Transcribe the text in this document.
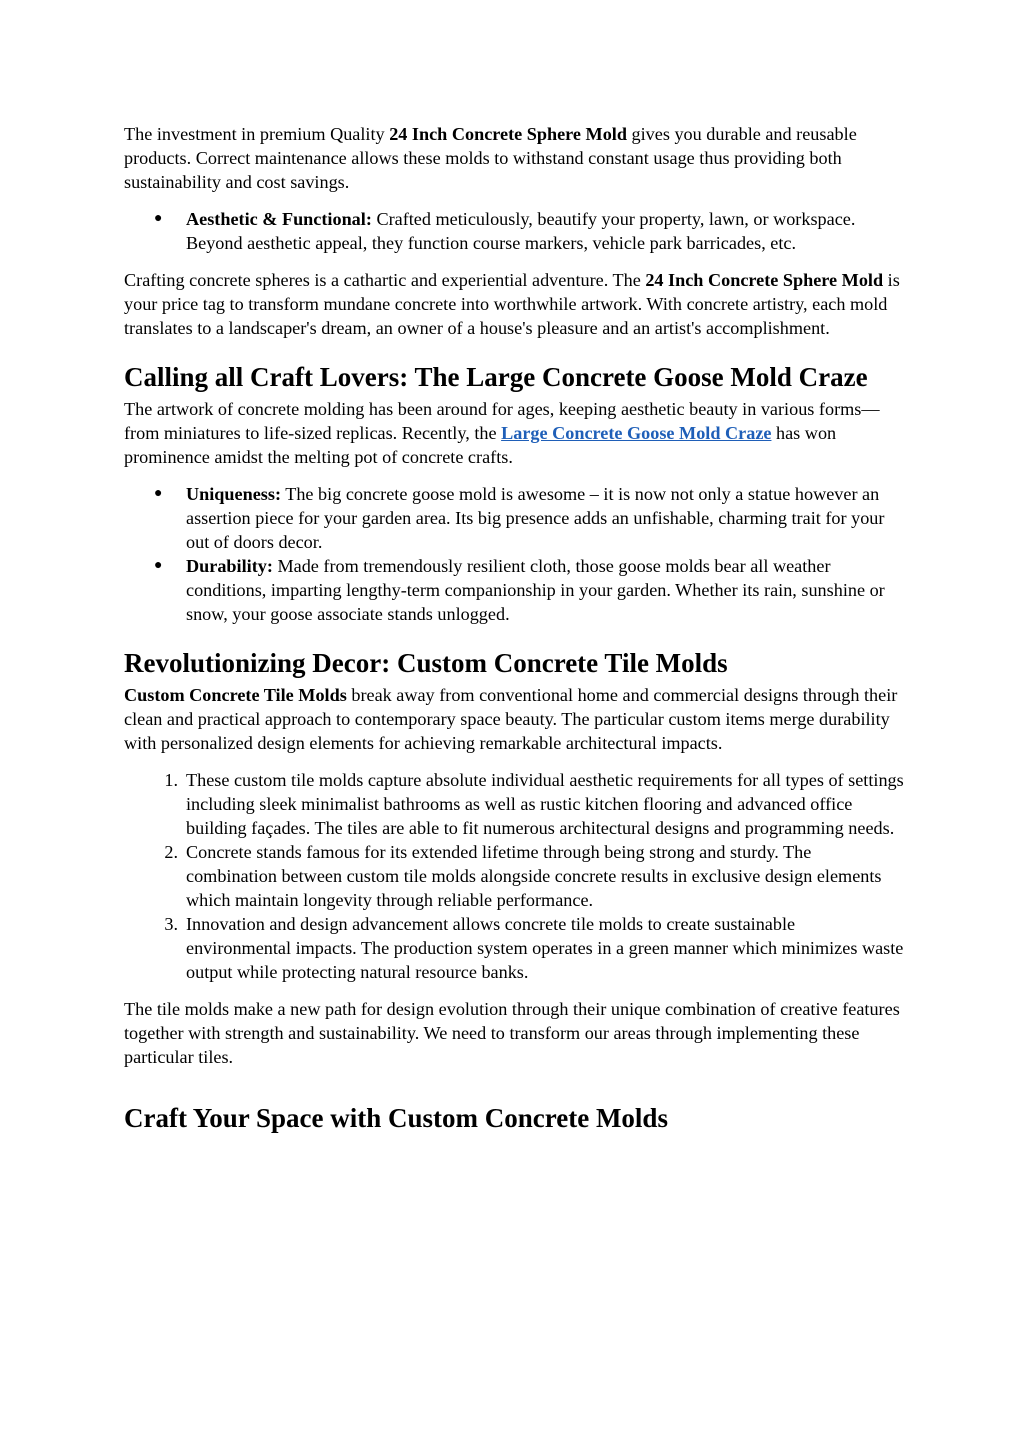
The investment in premium Quality 24 Inch Concrete Sphere Mold gives you durable and reusable products. Correct maintenance allows these molds to withstand constant usage thus providing both sustainability and cost savings.

● Aesthetic & Functional: Crafted meticulously, beautify your property, lawn, or workspace. Beyond aesthetic appeal, they function course markers, vehicle park barricades, etc.

Crafting concrete spheres is a cathartic and experiential adventure. The 24 Inch Concrete Sphere Mold is your price tag to transform mundane concrete into worthwhile artwork. With concrete artistry, each mold translates to a landscaper's dream, an owner of a house's pleasure and an artist's accomplishment.

Calling all Craft Lovers: The Large Concrete Goose Mold Craze

The artwork of concrete molding has been around for ages, keeping aesthetic beauty in various forms— from miniatures to life-sized replicas. Recently, the Large Concrete Goose Mold Craze has won prominence amidst the melting pot of concrete crafts.

● Uniqueness: The big concrete goose mold is awesome – it is now not only a statue however an assertion piece for your garden area. Its big presence adds an unfishable, charming trait for your out of doors decor.
● Durability: Made from tremendously resilient cloth, those goose molds bear all weather conditions, imparting lengthy-term companionship in your garden. Whether its rain, sunshine or snow, your goose associate stands unlogged.
Revolutionizing Decor: Custom Concrete Tile Molds

Custom Concrete Tile Molds break away from conventional home and commercial designs through their clean and practical approach to contemporary space beauty. The particular custom items merge durability with personalized design elements for achieving remarkable architectural impacts.

1. These custom tile molds capture absolute individual aesthetic requirements for all types of settings including sleek minimalist bathrooms as well as rustic kitchen flooring and advanced office building façades. The tiles are able to fit numerous architectural designs and programming needs.
2. Concrete stands famous for its extended lifetime through being strong and sturdy. The combination between custom tile molds alongside concrete results in exclusive design elements which maintain longevity through reliable performance.
3. Innovation and design advancement allows concrete tile molds to create sustainable environmental impacts. The production system operates in a green manner which minimizes waste output while protecting natural resource banks.

The tile molds make a new path for design evolution through their unique combination of creative features together with strength and sustainability. We need to transform our areas through implementing these particular tiles.

Craft Your Space with Custom Concrete Molds
